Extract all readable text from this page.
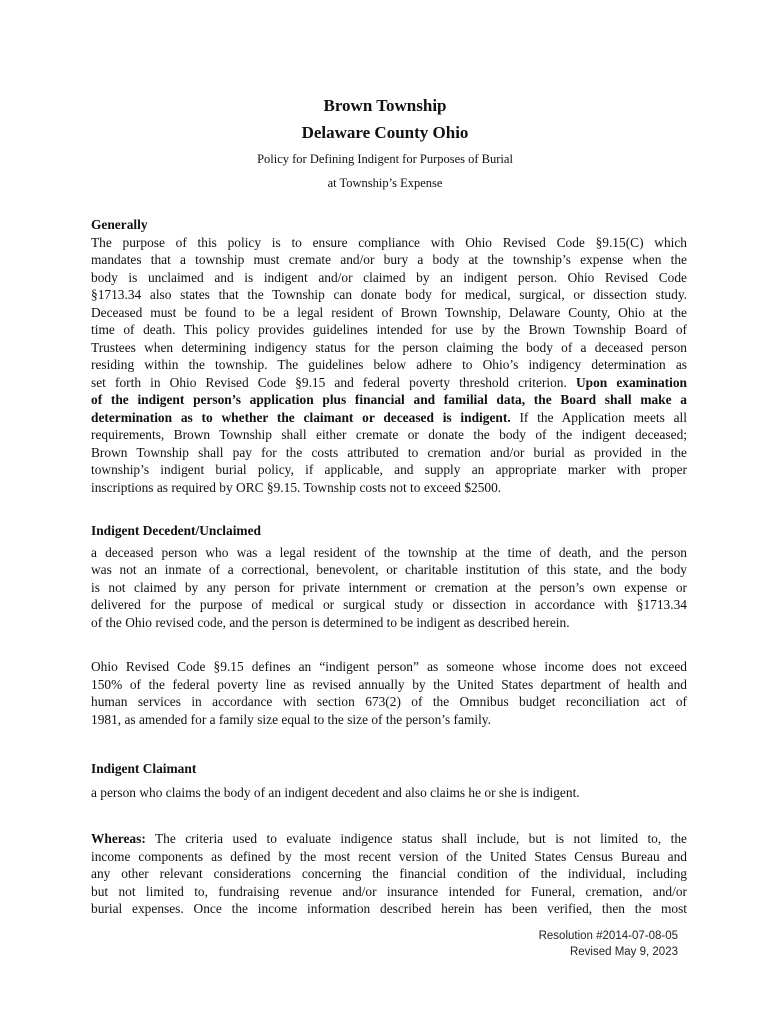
Brown Township
Delaware County Ohio
Policy for Defining Indigent for Purposes of Burial
at Township’s Expense
Generally
The purpose of this policy is to ensure compliance with Ohio Revised Code §9.15(C) which
mandates that a township must cremate and/or bury a body at the township’s expense when the
body is unclaimed and is indigent and/or claimed by an indigent person. Ohio Revised Code
§1713.34 also states that the Township can donate body for medical, surgical, or dissection study.
Deceased must be found to be a legal resident of Brown Township, Delaware County, Ohio at the
time of death. This policy provides guidelines intended for use by the Brown Township Board of
Trustees when determining indigency status for the person claiming the body of a deceased person
residing within the township. The guidelines below adhere to Ohio’s indigency determination as
set forth in Ohio Revised Code §9.15 and federal poverty threshold criterion. Upon examination
of the indigent person’s application plus financial and familial data, the Board shall make a
determination as to whether the claimant or deceased is indigent. If the Application meets all
requirements, Brown Township shall either cremate or donate the body of the indigent deceased;
Brown Township shall pay for the costs attributed to cremation and/or burial as provided in the
township’s indigent burial policy, if applicable, and supply an appropriate marker with proper
inscriptions as required by ORC §9.15. Township costs not to exceed $2500.
Indigent Decedent/Unclaimed
a deceased person who was a legal resident of the township at the time of death, and the person
was not an inmate of a correctional, benevolent, or charitable institution of this state, and the body
is not claimed by any person for private internment or cremation at the person’s own expense or
delivered for the purpose of medical or surgical study or dissection in accordance with §1713.34
of the Ohio revised code, and the person is determined to be indigent as described herein.
Ohio Revised Code §9.15 defines an “indigent person” as someone whose income does not exceed
150% of the federal poverty line as revised annually by the United States department of health and
human services in accordance with section 673(2) of the Omnibus budget reconciliation act of
1981, as amended for a family size equal to the size of the person’s family.
Indigent Claimant
a person who claims the body of an indigent decedent and also claims he or she is indigent.
Whereas: The criteria used to evaluate indigence status shall include, but is not limited to, the
income components as defined by the most recent version of the United States Census Bureau and
any other relevant considerations concerning the financial condition of the individual, including
but not limited to, fundraising revenue and/or insurance intended for Funeral, cremation, and/or
burial expenses. Once the income information described herein has been verified, then the most
Resolution #2014-07-08-05
Revised May 9, 2023
